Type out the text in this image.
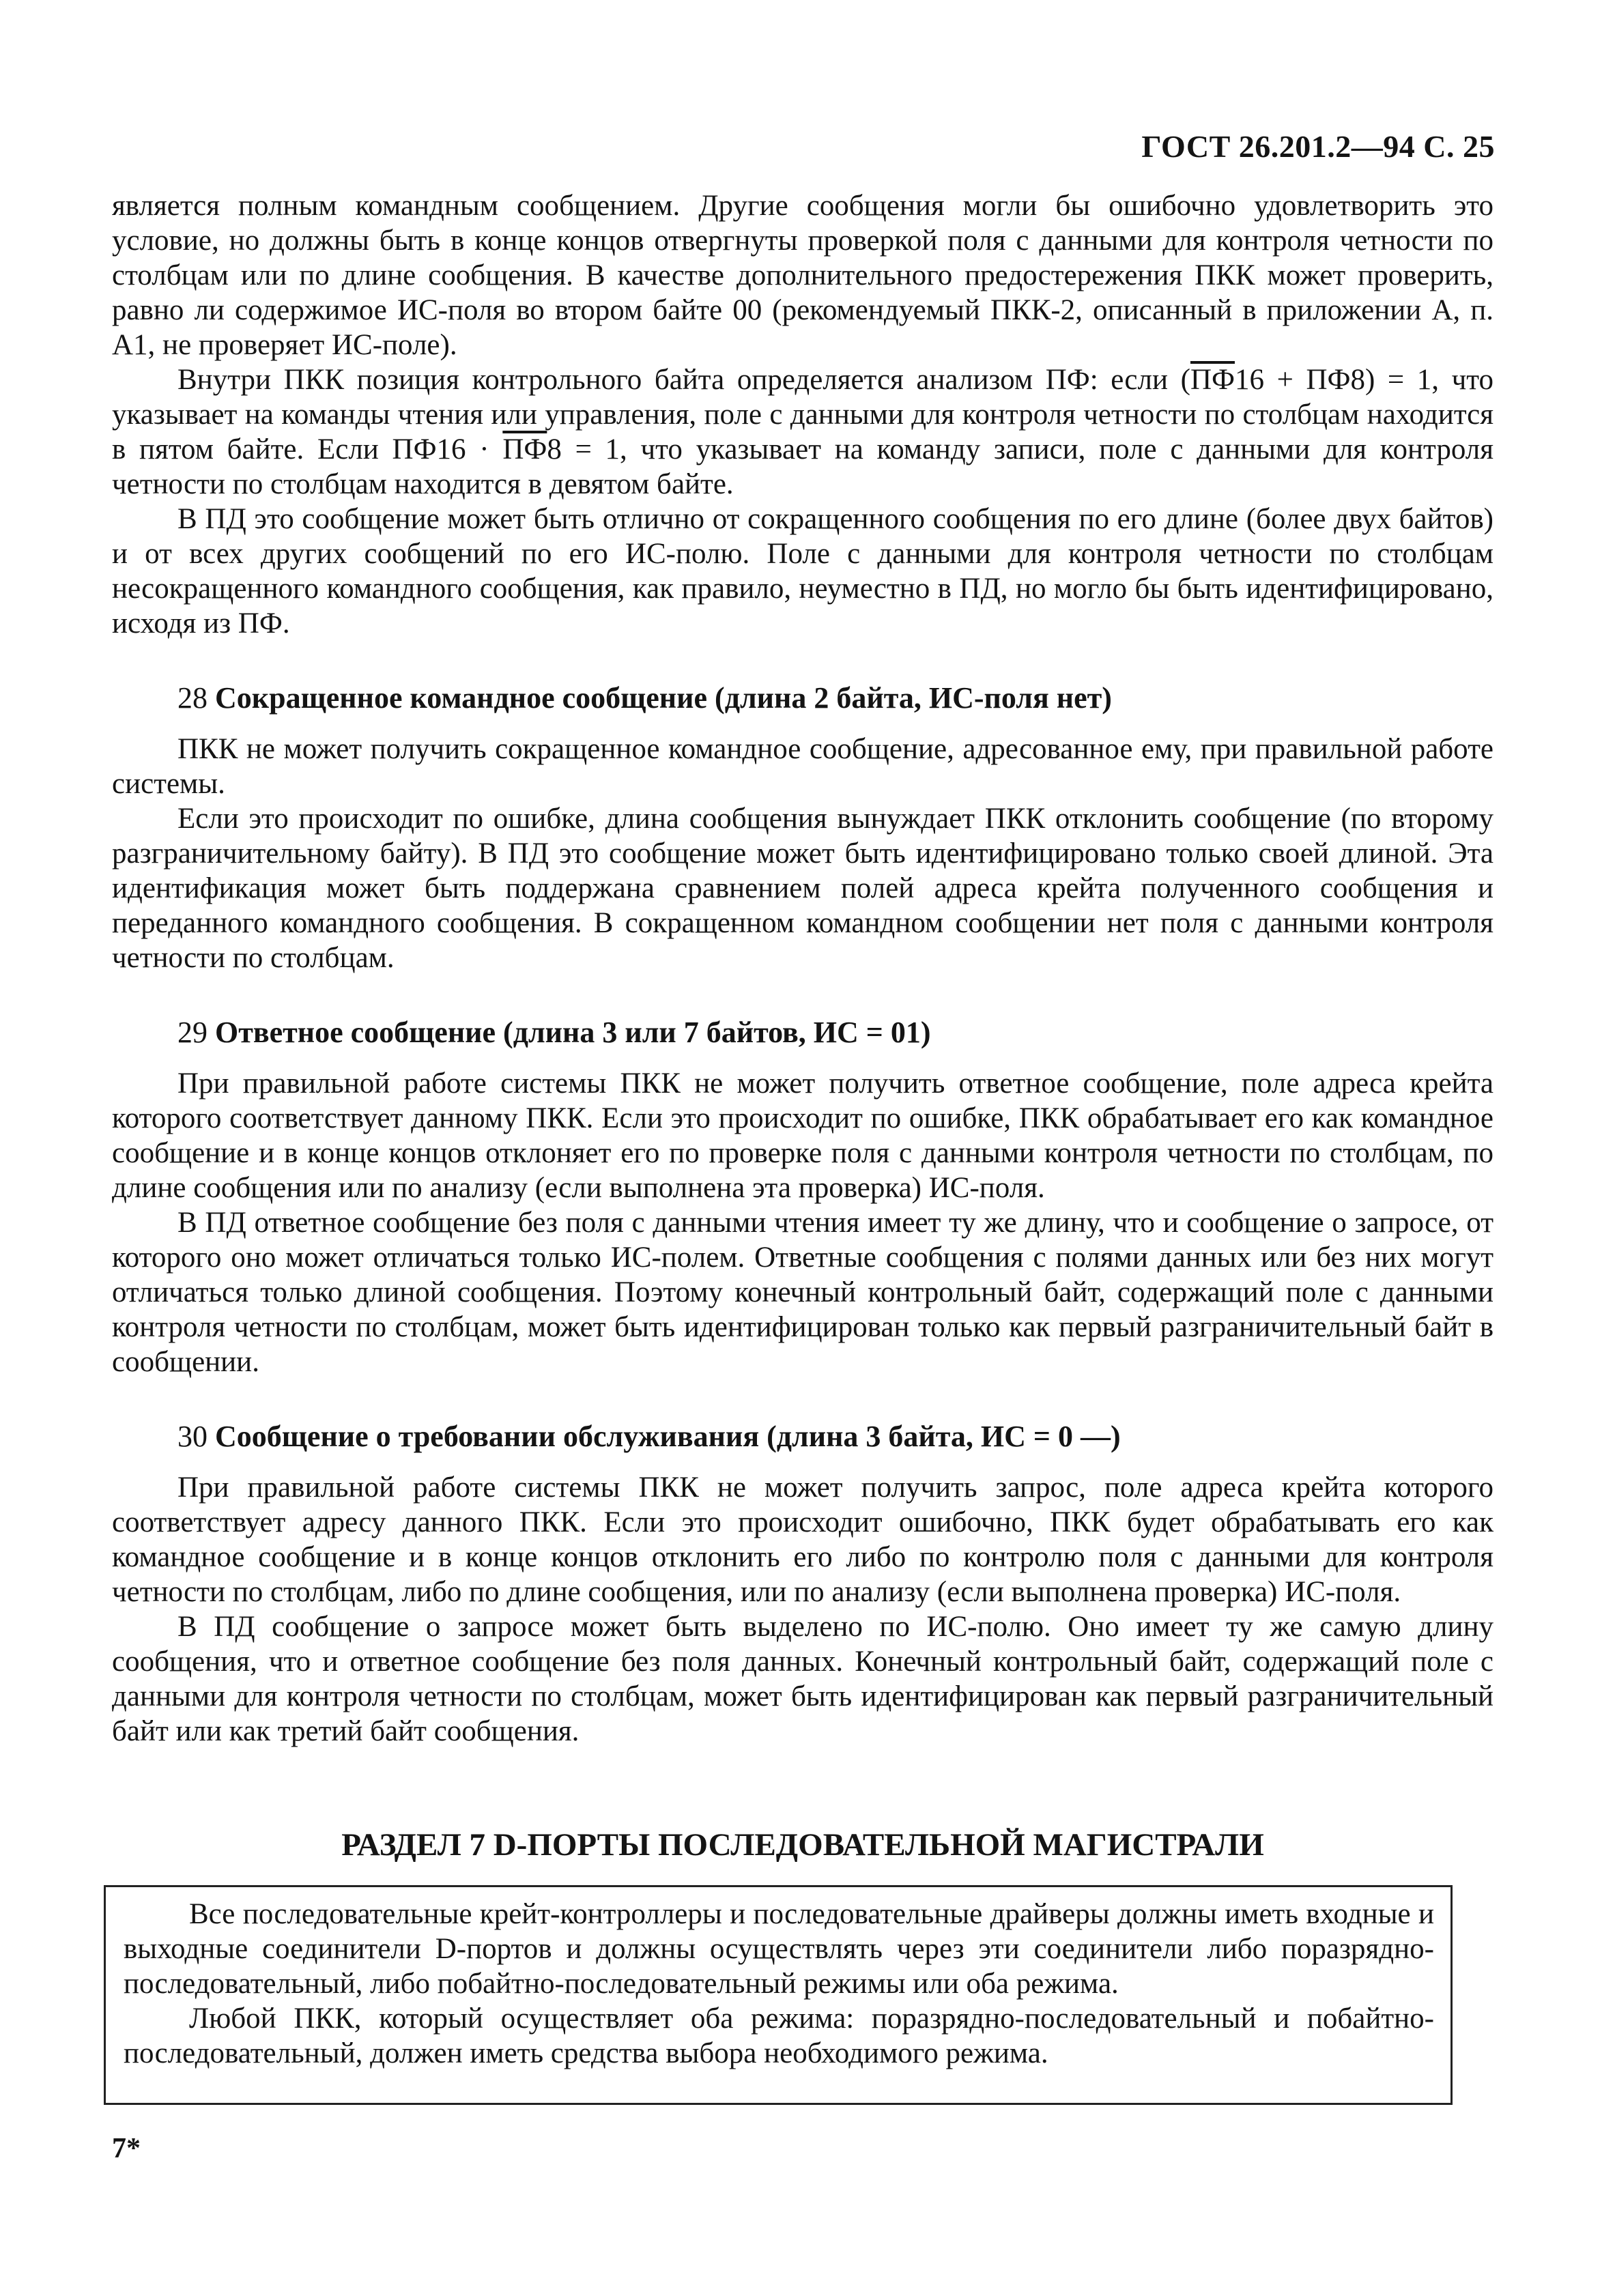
ГОСТ 26.201.2—94 С. 25

является полным командным сообщением. Другие сообщения могли бы ошибочно удовлетворить это условие, но должны быть в конце концов отвергнуты проверкой поля с данными для контроля четности по столбцам или по длине сообщения. В качестве дополнительного предостережения ПКК может проверить, равно ли содержимое ИС-поля во втором байте 00 (рекомендуемый ПКК-2, описанный в приложении А, п. А1, не проверяет ИС-поле).

Внутри ПКК позиция контрольного байта определяется анализом ПФ: если (ПФ16 + ПФ8) = 1, что указывает на команды чтения или управления, поле с данными для контроля четности по столбцам находится в пятом байте. Если ПФ16 · ПФ8 = 1, что указывает на команду записи, поле с данными для контроля четности по столбцам находится в девятом байте.

В ПД это сообщение может быть отлично от сокращенного сообщения по его длине (более двух байтов) и от всех других сообщений по его ИС-полю. Поле с данными для контроля четности по столбцам несокращенного командного сообщения, как правило, неуместно в ПД, но могло бы быть идентифицировано, исходя из ПФ.

28 Сокращенное командное сообщение (длина 2 байта, ИС-поля нет)

ПКК не может получить сокращенное командное сообщение, адресованное ему, при правильной работе системы.

Если это происходит по ошибке, длина сообщения вынуждает ПКК отклонить сообщение (по второму разграничительному байту). В ПД это сообщение может быть идентифицировано только своей длиной. Эта идентификация может быть поддержана сравнением полей адреса крейта полученного сообщения и переданного командного сообщения. В сокращенном командном сообщении нет поля с данными контроля четности по столбцам.

29 Ответное сообщение (длина 3 или 7 байтов, ИС = 01)

При правильной работе системы ПКК не может получить ответное сообщение, поле адреса крейта которого соответствует данному ПКК. Если это происходит по ошибке, ПКК обрабатывает его как командное сообщение и в конце концов отклоняет его по проверке поля с данными контроля четности по столбцам, по длине сообщения или по анализу (если выполнена эта проверка) ИС-поля.

В ПД ответное сообщение без поля с данными чтения имеет ту же длину, что и сообщение о запросе, от которого оно может отличаться только ИС-полем. Ответные сообщения с полями данных или без них могут отличаться только длиной сообщения. Поэтому конечный контрольный байт, содержащий поле с данными контроля четности по столбцам, может быть идентифицирован только как первый разграничительный байт в сообщении.

30 Сообщение о требовании обслуживания (длина 3 байта, ИС = 0 —)

При правильной работе системы ПКК не может получить запрос, поле адреса крейта которого соответствует адресу данного ПКК. Если это происходит ошибочно, ПКК будет обрабатывать его как командное сообщение и в конце концов отклонить его либо по контролю поля с данными для контроля четности по столбцам, либо по длине сообщения, или по анализу (если выполнена проверка) ИС-поля.

В ПД сообщение о запросе может быть выделено по ИС-полю. Оно имеет ту же самую длину сообщения, что и ответное сообщение без поля данных. Конечный контрольный байт, содержащий поле с данными для контроля четности по столбцам, может быть идентифицирован как первый разграничительный байт или как третий байт сообщения.

РАЗДЕЛ 7 D-ПОРТЫ ПОСЛЕДОВАТЕЛЬНОЙ МАГИСТРАЛИ

Все последовательные крейт-контроллеры и последовательные драйверы должны иметь входные и выходные соединители D-портов и должны осуществлять через эти соединители либо поразрядно-последовательный, либо побайтно-последовательный режимы или оба режима.

Любой ПКК, который осуществляет оба режима: поразрядно-последовательный и побайтно-последовательный, должен иметь средства выбора необходимого режима.

7*
